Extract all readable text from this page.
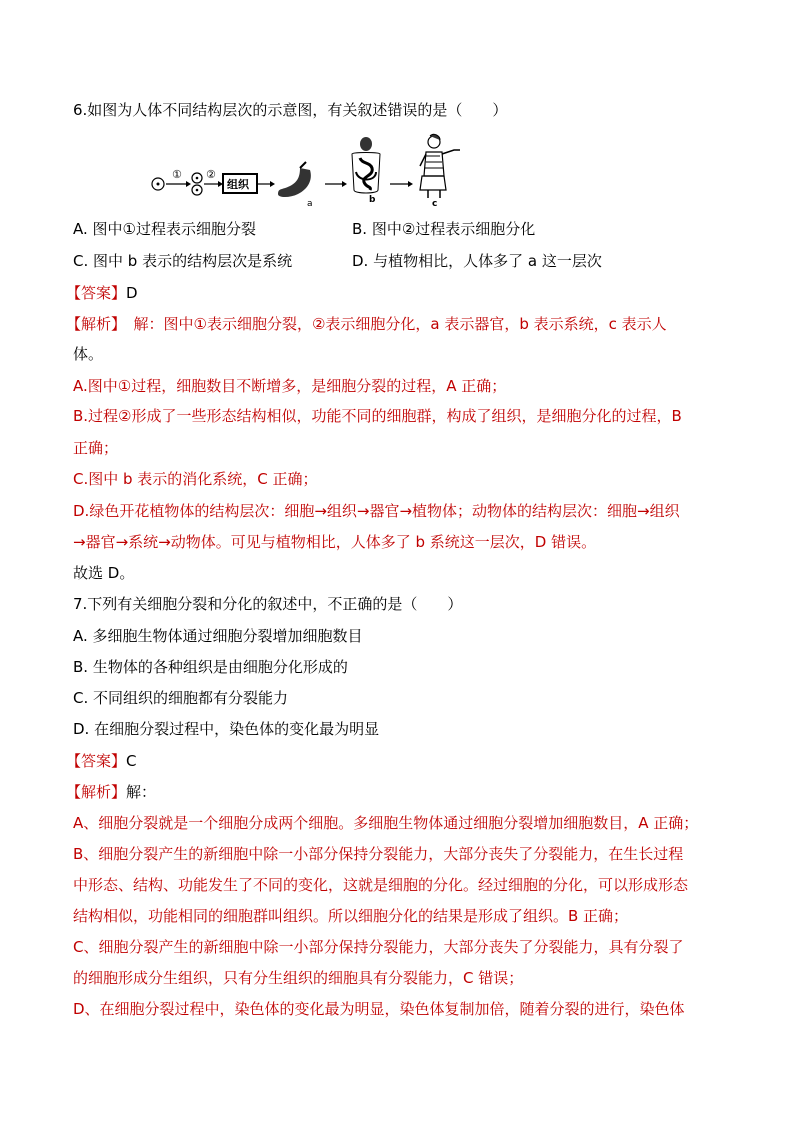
6.如图为人体不同结构层次的示意图，有关叙述错误的是（　　）
① ②
组织
a	b	c
A. 图中①过程表示细胞分裂	B. 图中②过程表示细胞分化
C. 图中 b 表示的结构层次是系统	D. 与植物相比，人体多了 a 这一层次
【答案】D
【解析】　解：图中①表示细胞分裂，②表示细胞分化，a 表示器官，b 表示系统，c 表示人
体。
A.图中①过程，细胞数目不断增多，是细胞分裂的过程，A 正确；
B.过程②形成了一些形态结构相似，功能不同的细胞群，构成了组织，是细胞分化的过程，B
正确；
C.图中 b 表示的消化系统，C 正确；
D.绿色开花植物体的结构层次：细胞→组织→器官→植物体；动物体的结构层次：细胞→组织
→器官→系统→动物体。可见与植物相比，人体多了 b 系统这一层次，D 错误。
故选 D。
7.下列有关细胞分裂和分化的叙述中，不正确的是（　　）
A. 多细胞生物体通过细胞分裂增加细胞数目
B. 生物体的各种组织是由细胞分化形成的
C. 不同组织的细胞都有分裂能力
D. 在细胞分裂过程中，染色体的变化最为明显
【答案】C
【解析】解：
A、细胞分裂就是一个细胞分成两个细胞。多细胞生物体通过细胞分裂增加细胞数目，A 正确；
B、细胞分裂产生的新细胞中除一小部分保持分裂能力，大部分丧失了分裂能力，在生长过程
中形态、结构、功能发生了不同的变化，这就是细胞的分化。经过细胞的分化，可以形成形态
结构相似，功能相同的细胞群叫组织。所以细胞分化的结果是形成了组织。B 正确；
C、细胞分裂产生的新细胞中除一小部分保持分裂能力，大部分丧失了分裂能力，具有分裂了
的细胞形成分生组织，只有分生组织的细胞具有分裂能力，C 错误；
D、在细胞分裂过程中，染色体的变化最为明显，染色体复制加倍，随着分裂的进行，染色体
